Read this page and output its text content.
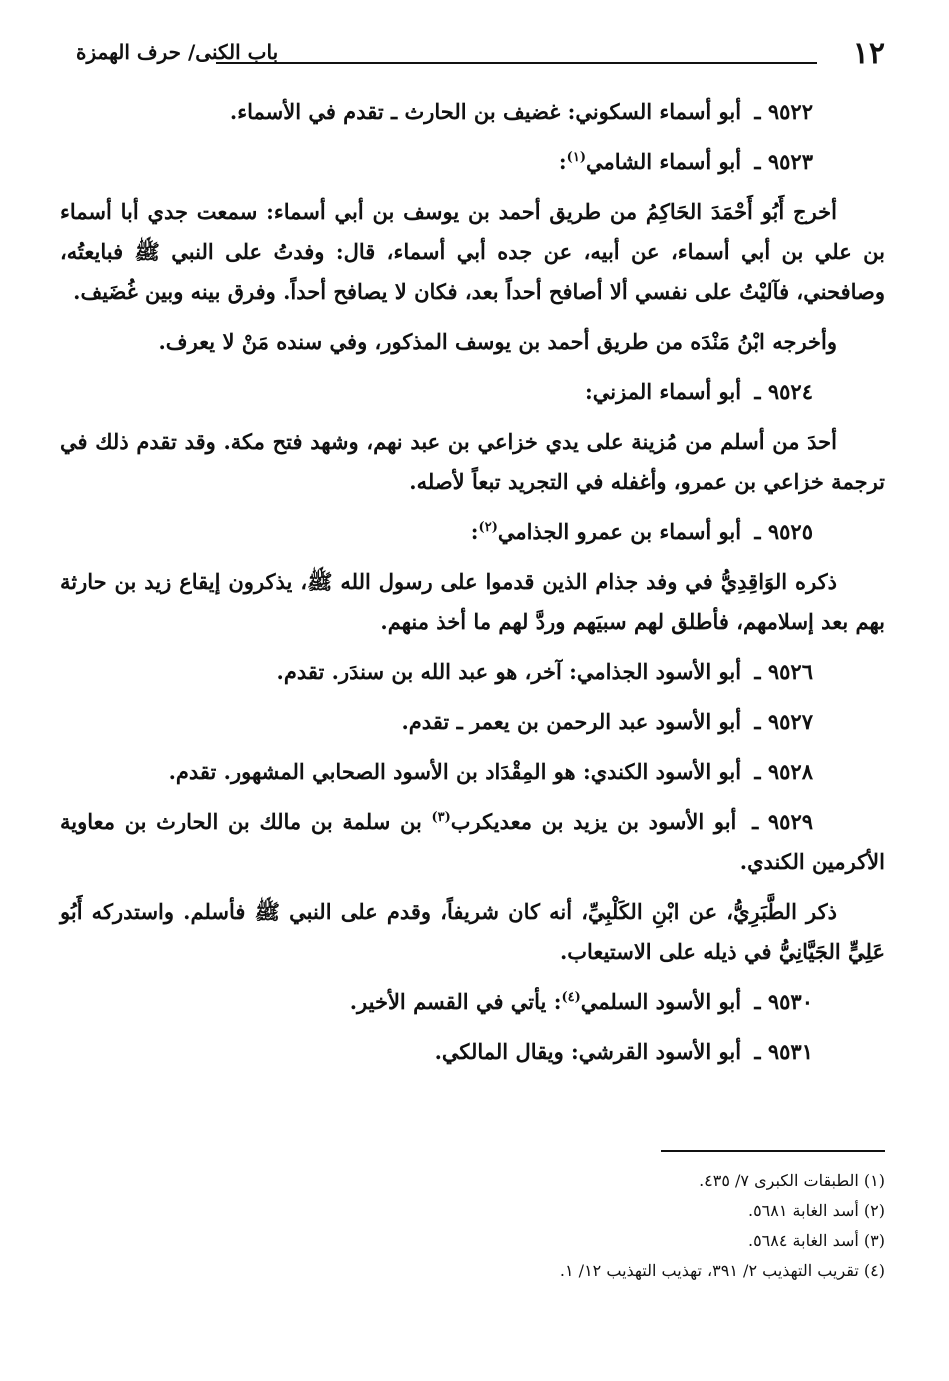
١٢
باب الكنى/ حرف الهمزة

٩٥٢٢ ـ أبو أسماء السكوني: غضيف بن الحارث ـ تقدم في الأسماء.

٩٥٢٣ ـ أبو أسماء الشامي$^{(١)}$:

أخرج أَبُو أَحْمَدَ الحَاكِمُ من طريق أحمد بن يوسف بن أبي أسماء: سمعت جدي أبا أسماء بن علي بن أبي أسماء، عن أبيه، عن جده أبي أسماء، قال: وفدتُ على النبي ﷺ فبايعتُه، وصافحني، فآليْتُ على نفسي ألا أصافح أحداً بعد، فكان لا يصافح أحداً. وفرق بينه وبين غُضَيف.

وأخرجه ابْنُ مَنْدَه من طريق أحمد بن يوسف المذكور، وفي سنده مَنْ لا يعرف.

٩٥٢٤ ـ أبو أسماء المزني:

أحدَ من أسلم من مُزينة على يدي خزاعي بن عبد نهم، وشهد فتح مكة. وقد تقدم ذلك في ترجمة خزاعي بن عمرو، وأغفله في التجريد تبعاً لأصله.

٩٥٢٥ ـ أبو أسماء بن عمرو الجذامي$^{(٢)}$:

ذكره الوَاقِدِيُّ في وفد جذام الذين قدموا على رسول الله ﷺ، يذكرون إيقاع زيد بن حارثة بهم بعد إسلامهم، فأطلق لهم سبيَهم وردَّ لهم ما أخذ منهم.

٩٥٢٦ ـ أبو الأسود الجذامي: آخر، هو عبد الله بن سندَر. تقدم.

٩٥٢٧ ـ أبو الأسود عبد الرحمن بن يعمر ـ تقدم.

٩٥٢٨ ـ أبو الأسود الكندي: هو المِقْدَاد بن الأسود الصحابي المشهور. تقدم.

٩٥٢٩ ـ أبو الأسود بن يزيد بن معديكرب$^{(٣)}$ بن سلمة بن مالك بن الحارث بن معاوية الأكرمين الكندي.

ذكر الطَّبَرِيُّ، عن ابْنِ الكَلْبِيِّ، أنه كان شريفاً، وقدم على النبي ﷺ فأسلم. واستدركه أَبُو عَلِيٍّ الجَيَّانِيُّ في ذيله على الاستيعاب.

٩٥٣٠ ـ أبو الأسود السلمي$^{(٤)}$: يأتي في القسم الأخير.

٩٥٣١ ـ أبو الأسود القرشي: ويقال المالكي.

(١) الطبقات الكبرى ٧/ ٤٣٥.

(٢) أسد الغابة ٥٦٨١.

(٣) أسد الغابة ٥٦٨٤.

(٤) تقريب التهذيب ٢/ ٣٩١، تهذيب التهذيب ١٢/ ١.
